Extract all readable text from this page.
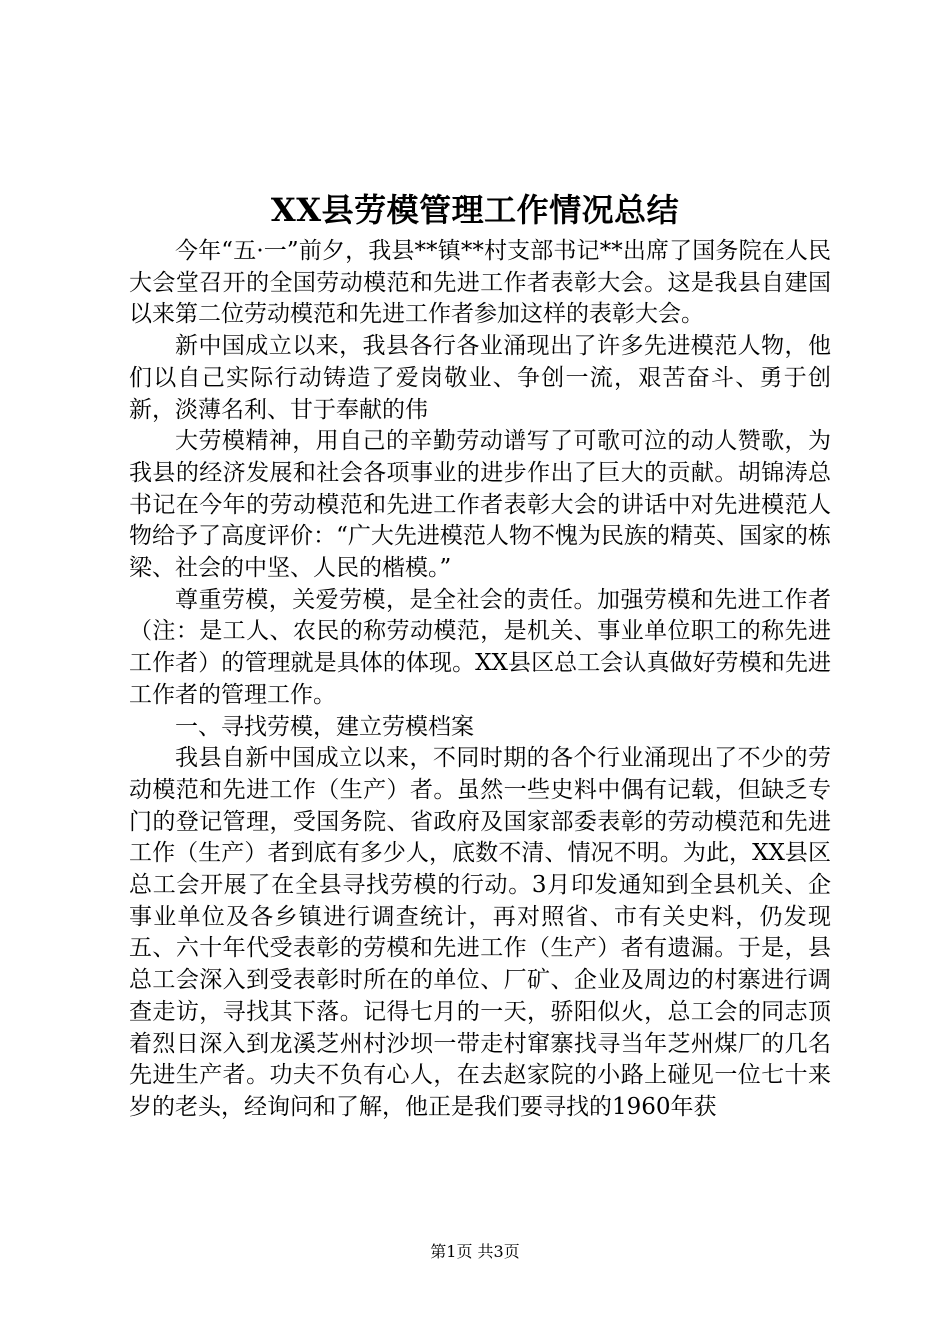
XX县劳模管理工作情况总结

今年“五·一”前夕，我县**镇**村支部书记**出席了国务院在人民大会堂召开的全国劳动模范和先进工作者表彰大会。这是我县自建国以来第二位劳动模范和先进工作者参加这样的表彰大会。

新中国成立以来，我县各行各业涌现出了许多先进模范人物，他们以自己实际行动铸造了爱岗敬业、争创一流，艰苦奋斗、勇于创新，淡薄名利、甘于奉献的伟

大劳模精神，用自己的辛勤劳动谱写了可歌可泣的动人赞歌，为我县的经济发展和社会各项事业的进步作出了巨大的贡献。胡锦涛总书记在今年的劳动模范和先进工作者表彰大会的讲话中对先进模范人物给予了高度评价：“广大先进模范人物不愧为民族的精英、国家的栋梁、社会的中坚、人民的楷模。”

尊重劳模，关爱劳模，是全社会的责任。加强劳模和先进工作者（注：是工人、农民的称劳动模范，是机关、事业单位职工的称先进工作者）的管理就是具体的体现。XX县区总工会认真做好劳模和先进工作者的管理工作。

一、寻找劳模，建立劳模档案

我县自新中国成立以来，不同时期的各个行业涌现出了不少的劳动模范和先进工作（生产）者。虽然一些史料中偶有记载，但缺乏专门的登记管理，受国务院、省政府及国家部委表彰的劳动模范和先进工作（生产）者到底有多少人，底数不清、情况不明。为此，XX县区总工会开展了在全县寻找劳模的行动。3月印发通知到全县机关、企事业单位及各乡镇进行调查统计，再对照省、市有关史料，仍发现五、六十年代受表彰的劳模和先进工作（生产）者有遗漏。于是，县总工会深入到受表彰时所在的单位、厂矿、企业及周边的村寨进行调查走访，寻找其下落。记得七月的一天，骄阳似火，总工会的同志顶着烈日深入到龙溪芝州村沙坝一带走村窜寨找寻当年芝州煤厂的几名先进生产者。功夫不负有心人，在去赵家院的小路上碰见一位七十来岁的老头，经询问和了解，他正是我们要寻找的1960年获

第1页 共3页
